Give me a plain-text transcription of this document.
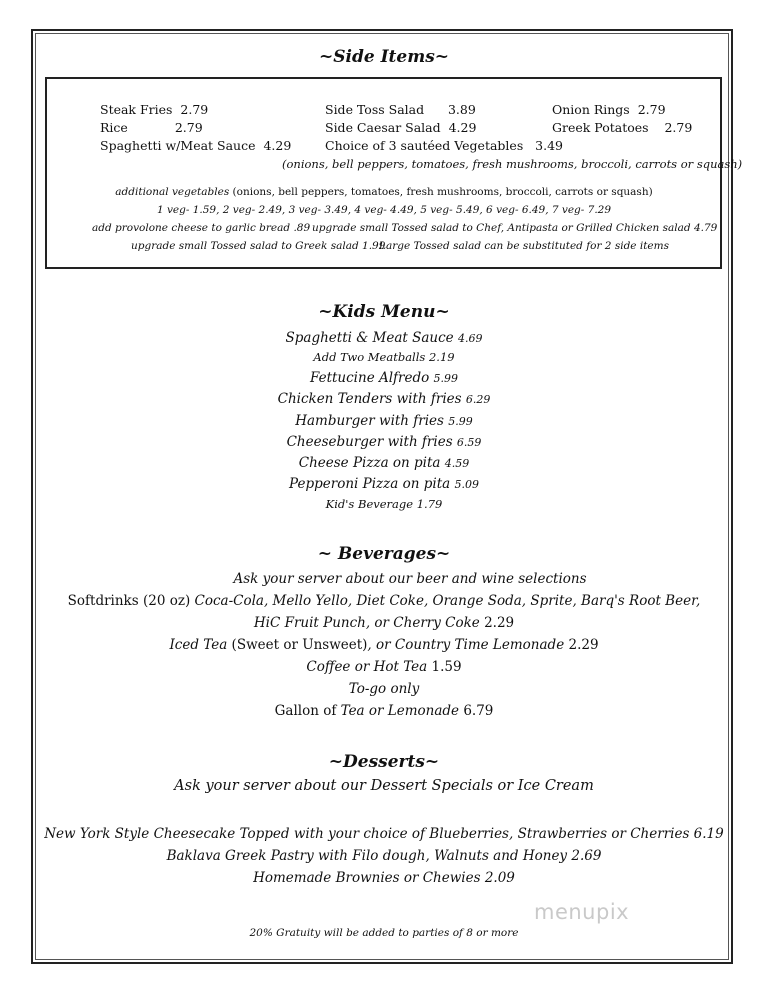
~Side Items~
Steak Fries 2.79	Side Toss Salad 3.89	Onion Rings 2.79
Rice	2.79	Side Caesar Salad 4.29	Greek Potatoes 2.79
Spaghetti w/Meat Sauce 4.29	Choice of 3 sautéed Vegetables 3.49
(onions, bell peppers, tomatoes, fresh mushrooms, broccoli, carrots or squash)
additional vegetables (onions, bell peppers, tomatoes, fresh mushrooms, broccoli, carrots or squash)
1 veg- 1.59, 2 veg- 2.49, 3 veg- 3.49, 4 veg- 4.49, 5 veg- 5.49, 6 veg- 6.49, 7 veg- 7.29
add provolone cheese to garlic bread .89 upgrade small Tossed salad to Chef, Antipasta or Grilled Chicken salad 4.79
upgrade small Tossed salad to Greek salad 1.99
Large Tossed salad can be substituted for 2 side items
~Kids Menu~
Spaghetti & Meat Sauce 4.69
Add Two Meatballs 2.19
Fettucine Alfredo 5.99
Chicken Tenders with fries 6.29
Hamburger with fries 5.99
Cheeseburger with fries 6.59
Cheese Pizza on pita 4.59
Pepperoni Pizza on pita 5.09
Kid's Beverage 1.79
~ Beverages~
Ask your server about our beer and wine selections
Softdrinks (20 oz) Coca-Cola, Mello Yello, Diet Coke, Orange Soda, Sprite, Barq's Root Beer,
HiC Fruit Punch, or Cherry Coke 2.29
Iced Tea (Sweet or Unsweet), or Country Time Lemonade 2.29
Coffee or Hot Tea 1.59
To-go only
Gallon of Tea or Lemonade 6.79
~Desserts~
Ask your server about our Dessert Specials or Ice Cream
New York Style Cheesecake Topped with your choice of Blueberries, Strawberries or Cherries 6.19
Baklava Greek Pastry with Filo dough, Walnuts and Honey 2.69
Homemade Brownies or Chewies 2.09
20% Gratuity will be added to parties of 8 or more
menupix
